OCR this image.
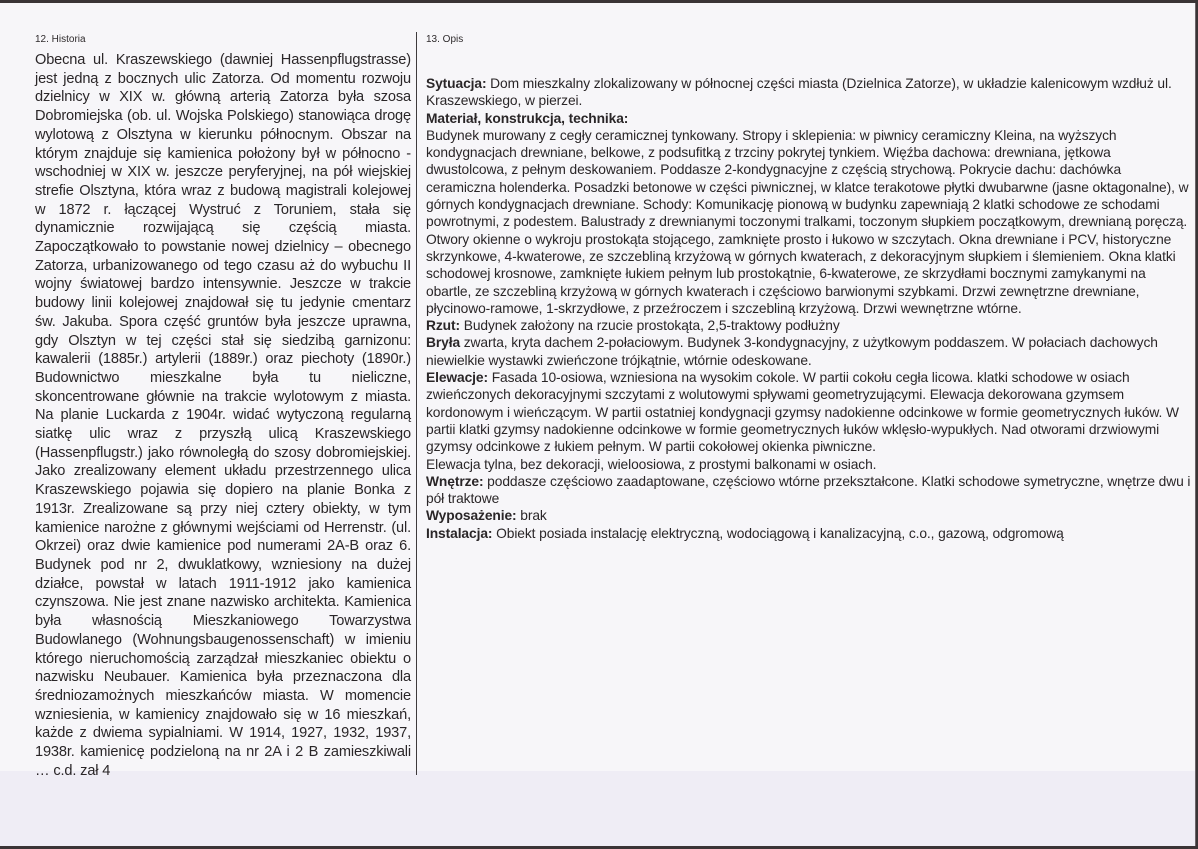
12. Historia

Obecna ul. Kraszewskiego (dawniej Hassenpflugstrasse) jest jedną z bocznych ulic Zatorza. Od momentu rozwoju dzielnicy w XIX w. główną arterią Zatorza była szosa Dobromiejska (ob. ul. Wojska Polskiego) stanowiąca drogę wylotową z Olsztyna w kierunku północnym. Obszar na którym znajduje się kamienica położony był w północno - wschodniej w XIX w. jeszcze peryferyjnej, na pół wiejskiej strefie Olsztyna, która wraz z budową magistrali kolejowej w 1872 r. łączącej Wystruć z Toruniem, stała się dynamicznie rozwijającą się częścią miasta. Zapoczątkowało to powstanie nowej dzielnicy – obecnego Zatorza, urbanizowanego od tego czasu aż do wybuchu II wojny światowej bardzo intensywnie. Jeszcze w trakcie budowy linii kolejowej znajdował się tu jedynie cmentarz św. Jakuba. Spora część gruntów była jeszcze uprawna, gdy Olsztyn w tej części stał się siedzibą garnizonu: kawalerii (1885r.) artylerii (1889r.) oraz piechoty (1890r.) Budownictwo mieszkalne była tu nieliczne, skoncentrowane głównie na trakcie wylotowym z miasta. Na planie Luckarda z 1904r. widać wytyczoną regularną siatkę ulic wraz z przyszłą ulicą Kraszewskiego (Hassenpflugstr.) jako równoległą do szosy dobromiejskiej. Jako zrealizowany element układu przestrzennego ulica Kraszewskiego pojawia się dopiero na planie Bonka z 1913r. Zrealizowane są przy niej cztery obiekty, w tym kamienice narożne z głównymi wejściami od Herrenstr. (ul. Okrzei) oraz dwie kamienice pod numerami 2A-B oraz 6. Budynek pod nr 2, dwuklatkowy, wzniesiony na dużej działce, powstał w latach 1911-1912 jako kamienica czynszowa. Nie jest znane nazwisko architekta. Kamienica była własnością Mieszkaniowego Towarzystwa Budowlanego (Wohnungsbaugenossenschaft) w imieniu którego nieruchomością zarządzał mieszkaniec obiektu o nazwisku Neubauer. Kamienica była przeznaczona dla średniozamożnych mieszkańców miasta. W momencie wzniesienia, w kamienicy znajdowało się w 16 mieszkań, każde z dwiema sypialniami. W 1914, 1927, 1932, 1937, 1938r. kamienicę podzieloną na nr 2A i 2 B zamieszkiwali … c.d. zał 4

13. Opis

Sytuacja: Dom mieszkalny zlokalizowany w północnej części miasta (Dzielnica Zatorze), w układzie kalenicowym wzdłuż ul. Kraszewskiego, w pierzei.

Materiał, konstrukcja, technika:

Budynek murowany z cegły ceramicznej tynkowany. Stropy i sklepienia: w piwnicy ceramiczny Kleina, na wyższych kondygnacjach drewniane, belkowe, z podsufitką z trzciny pokrytej tynkiem. Więźba dachowa: drewniana, jętkowa dwustolcowa, z pełnym deskowaniem. Poddasze 2-kondygnacyjne z częścią strychową. Pokrycie dachu: dachówka ceramiczna holenderka. Posadzki betonowe w części piwnicznej, w klatce terakotowe płytki dwubarwne (jasne oktagonalne), w górnych kondygnacjach drewniane. Schody: Komunikację pionową w budynku zapewniają 2 klatki schodowe ze schodami powrotnymi, z podestem. Balustrady z drewnianymi toczonymi tralkami, toczonym słupkiem początkowym, drewnianą poręczą. Otwory okienne o wykroju prostokąta stojącego, zamknięte prosto i łukowo w szczytach. Okna drewniane i PCV, historyczne skrzynkowe, 4-kwaterowe, ze szczebliną krzyżową w górnych kwaterach, z dekoracyjnym słupkiem i ślemieniem. Okna klatki schodowej krosnowe, zamknięte łukiem pełnym lub prostokątnie, 6-kwaterowe, ze skrzydłami bocznymi zamykanymi na obartle, ze szczebliną krzyżową w górnych kwaterach i częściowo barwionymi szybkami. Drzwi zewnętrzne drewniane, płycinowo-ramowe, 1-skrzydłowe, z przeźroczem i szczebliną krzyżową. Drzwi wewnętrzne wtórne.

Rzut: Budynek założony na rzucie prostokąta, 2,5-traktowy podłużny

Bryła zwarta, kryta dachem 2-połaciowym. Budynek 3-kondygnacyjny, z użytkowym poddaszem. W połaciach dachowych niewielkie wystawki zwieńczone trójkątnie, wtórnie odeskowane.

Elewacje: Fasada 10-osiowa, wzniesiona na wysokim cokole. W partii cokołu cegła licowa. klatki schodowe w osiach zwieńczonych dekoracyjnymi szczytami z wolutowymi spływami geometryzującymi. Elewacja dekorowana gzymsem kordonowym i wieńczącym. W partii ostatniej kondygnacji gzymsy nadokienne odcinkowe w formie geometrycznych łuków. W partii klatki gzymsy nadokienne odcinkowe w formie geometrycznych łuków wklęsło-wypukłych. Nad otworami drzwiowymi gzymsy odcinkowe z łukiem pełnym. W partii cokołowej okienka piwniczne.

Elewacja tylna, bez dekoracji, wieloosiowa, z prostymi balkonami w osiach.

Wnętrze: poddasze częściowo zaadaptowane, częściowo wtórne przekształcone. Klatki schodowe symetryczne, wnętrze dwu i pół traktowe

Wyposażenie: brak

Instalacja: Obiekt posiada instalację elektryczną, wodociągową i kanalizacyjną, c.o., gazową, odgromową
